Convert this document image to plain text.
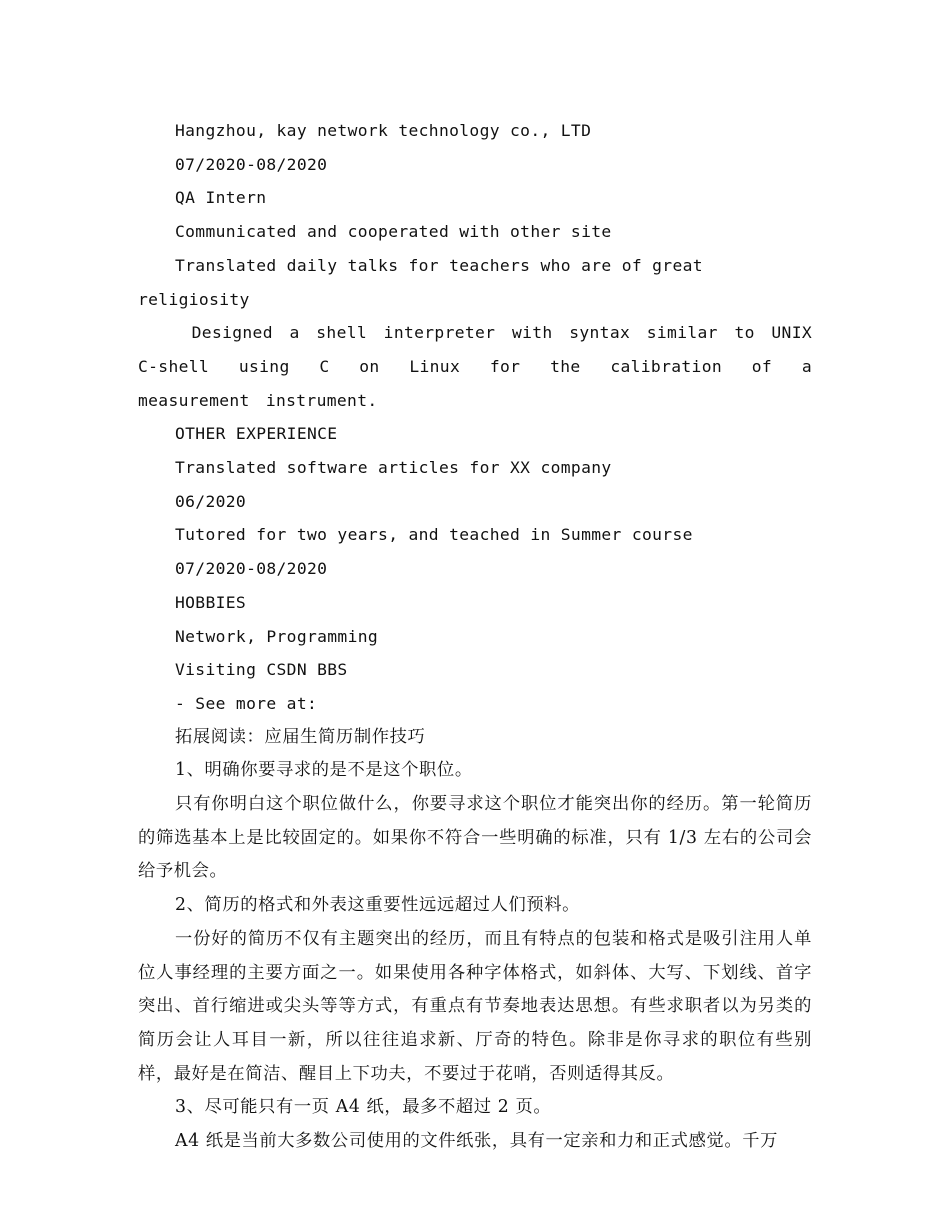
Hangzhou, kay network technology co., LTD

07/2020-08/2020

QA Intern

Communicated and cooperated with other site

Translated daily talks for teachers who are of great religiosity

Designed a shell interpreter with syntax similar to UNIX C-shell using C on Linux for the calibration of a measurement instrument.

OTHER EXPERIENCE

Translated software articles for XX company

06/2020

Tutored for two years, and teached in Summer course

07/2020-08/2020

HOBBIES

Network, Programming

Visiting CSDN BBS

- See more at:

拓展阅读：应届生简历制作技巧

1、明确你要寻求的是不是这个职位。

只有你明白这个职位做什么，你要寻求这个职位才能突出你的经历。第一轮简历的筛选基本上是比较固定的。如果你不符合一些明确的标准，只有 1/3 左右的公司会给予机会。

2、简历的格式和外表这重要性远远超过人们预料。

一份好的简历不仅有主题突出的经历，而且有特点的包装和格式是吸引注用人单位人事经理的主要方面之一。如果使用各种字体格式，如斜体、大写、下划线、首字突出、首行缩进或尖头等等方式，有重点有节奏地表达思想。有些求职者以为另类的简历会让人耳目一新，所以往往追求新、厅奇的特色。除非是你寻求的职位有些别样，最好是在简洁、醒目上下功夫，不要过于花哨，否则适得其反。

3、尽可能只有一页 A4 纸，最多不超过 2 页。

A4 纸是当前大多数公司使用的文件纸张，具有一定亲和力和正式感觉。千万
